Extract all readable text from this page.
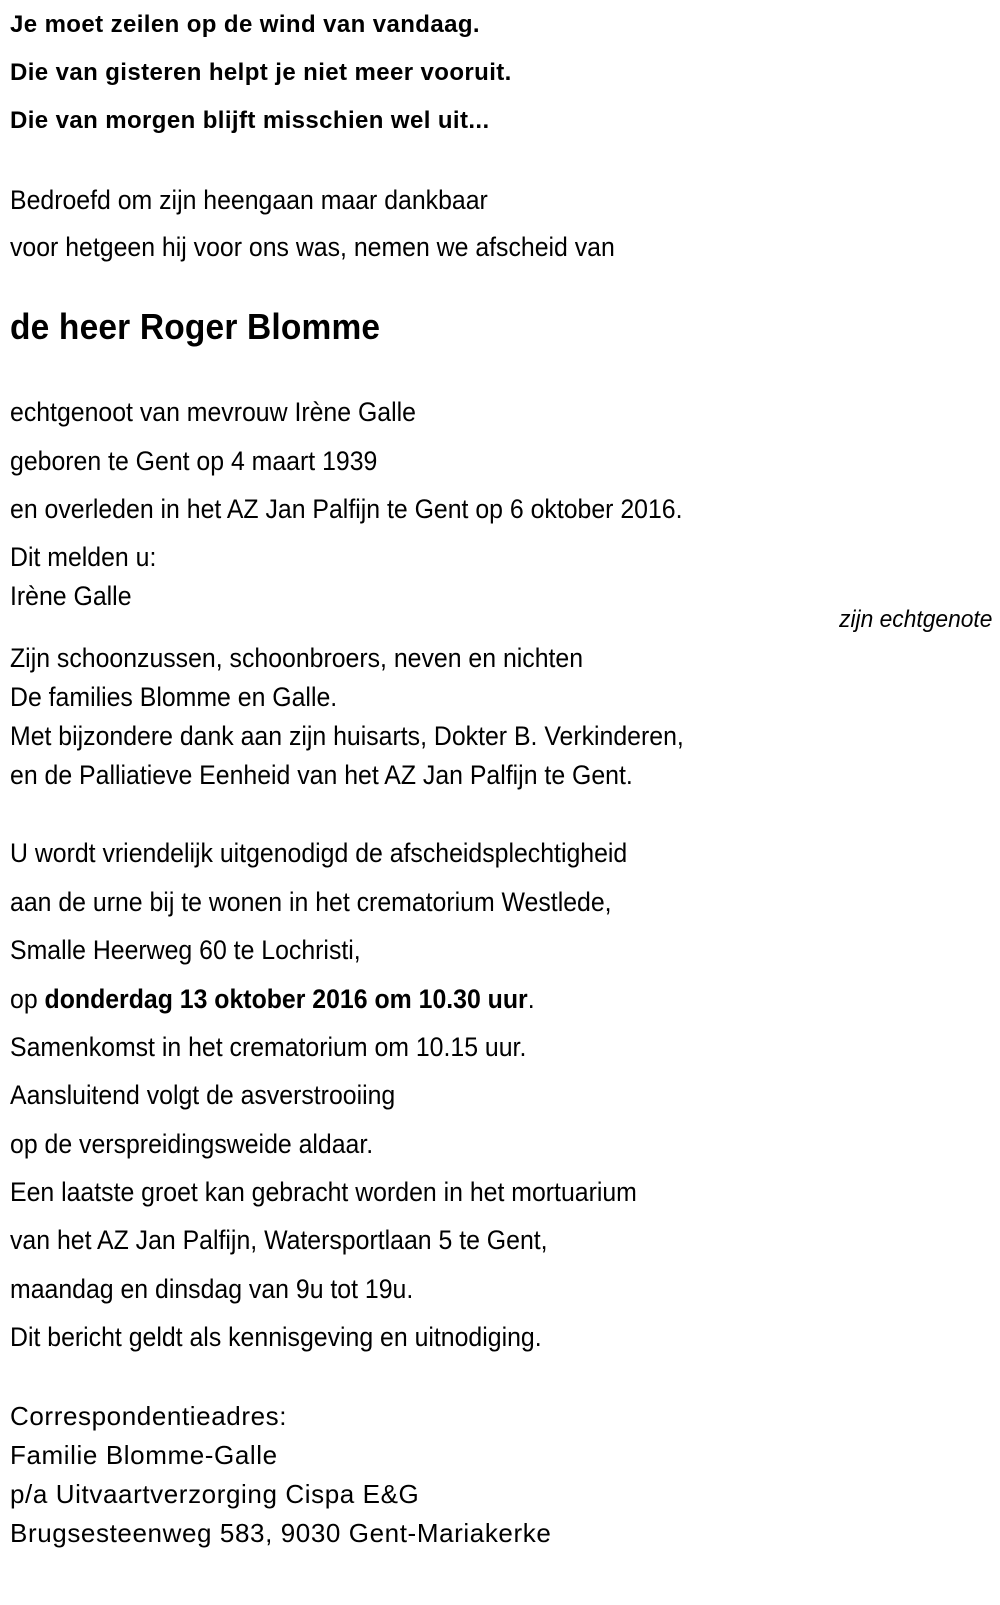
Je moet zeilen op de wind van vandaag.
Die van gisteren helpt je niet meer vooruit.
Die van morgen blijft misschien wel uit...
Bedroefd om zijn heengaan maar dankbaar
voor hetgeen hij voor ons was, nemen we afscheid van
de heer Roger Blomme
echtgenoot van mevrouw Irène Galle
geboren te Gent op 4 maart 1939
en overleden in het AZ Jan Palfijn te Gent op 6 oktober 2016.
Dit melden u:
Irène Galle
zijn echtgenote
Zijn schoonzussen, schoonbroers, neven en nichten
De families Blomme en Galle.
Met bijzondere dank aan zijn huisarts, Dokter B. Verkinderen,
en de Palliatieve Eenheid van het AZ Jan Palfijn te Gent.
U wordt vriendelijk uitgenodigd de afscheidsplechtigheid
aan de urne bij te wonen in het crematorium Westlede,
Smalle Heerweg 60 te Lochristi,
op donderdag 13 oktober 2016 om 10.30 uur.
Samenkomst in het crematorium om 10.15 uur.
Aansluitend volgt de asverstrooiing
op de verspreidingsweide aldaar.
Een laatste groet kan gebracht worden in het mortuarium
van het AZ Jan Palfijn, Watersportlaan 5 te Gent,
maandag en dinsdag van 9u tot 19u.
Dit bericht geldt als kennisgeving en uitnodiging.
Correspondentieadres:
Familie Blomme-Galle
p/a Uitvaartverzorging Cispa E&G
Brugsesteenweg 583, 9030 Gent-Mariakerke
